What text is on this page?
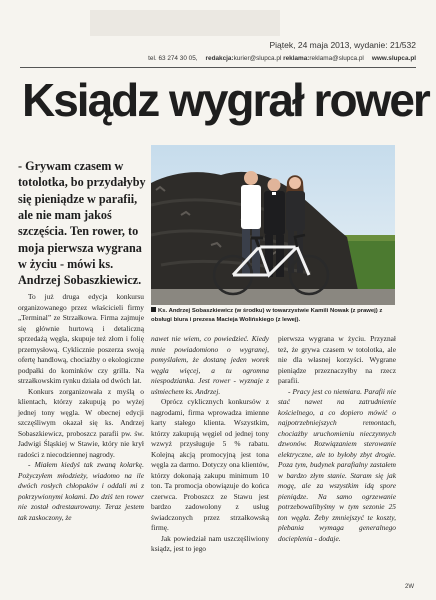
Piątek, 24 maja 2013, wydanie: 21/532
tel. 63 274 30 05, redakcja:kurier@slupca.pl reklama:reklama@slupca.pl www.slupca.pl
Ksiądz wygrał rower
- Grywam czasem w totolotka, bo przydałyby się pieniądze w parafii, ale nie mam jakoś szczęścia. Ten rower, to moja pierwsza wygrana w życiu - mówi ks. Andrzej Sobaszkiewicz.
Ks. Andrzej Sobaszkiewicz (w środku) w towarzystwie Kamili Nowak (z prawej) z obsługi biura i prezesa Macieja Wolińskiego (z lewej).

To już druga edycja konkursu organizowanego przez właścicieli firmy „Terminal” ze Strzałkowa. Firma zajmuje się głównie hurtową i detaliczną sprzedażą węgla, skupuje też złom i folię przemysłową. Cyklicznie poszerza swoją ofertę handlową, chociażby o ekologiczne podpałki do kominków czy grilla. Na strzałkowskim rynku działa od dwóch lat.

Konkurs zorganizowała z myślą o klientach, którzy zakupują po wyżej jednej tony węgla. W obecnej edycji szczęśliwym okazał się ks. Andrzej Sobaszkiewicz, proboszcz parafii pw. św. Jadwigi Śląskiej w Stawie, który nie krył radości z niecodziennej nagrody.

- Miałem kiedyś tak zwaną kolarkę. Pożyczyłem młodzieży, wiadomo na ile dwóch rosłych chłopaków i oddali mi z pokrzywionymi kołami. Do dziś ten rower nie został odrestaurowany. Teraz jestem tak zaskoczony, że

nawet nie wiem, co powiedzieć. Kiedy mnie powiadomiono o wygranej, pomyślałem, że dostanę jeden worek węgla więcej, a tu ogromna niespodzianka. Jest rower - wyznaje z uśmiechem ks. Andrzej.

Oprócz cyklicznych konkursów z nagrodami, firma wprowadza imienne karty stałego klienta. Wszystkim, którzy zakupują węgiel od jednej tony wzwyż przysługuje 5 % rabatu. Kolejną akcją promocyjną jest tona węgla za darmo. Dotyczy ona klientów, którzy dokonają zakupu minimum 10 ton. Ta promocja obowiązuje do końca czerwca. Proboszcz ze Stawu jest bardzo zadowolony z usług świadczonych przez strzałkowską firmę.

Jak powiedział nam uszczęśliwiony ksiądz, jest to jego

pierwsza wygrana w życiu. Przyznał też, że grywa czasem w totolotka, ale nie dla własnej korzyści. Wygrane pieniądze przeznaczyłby na rzecz parafii.

- Pracy jest co niemiara. Parafii nie stać nawet na zatrudnienie kościelnego, a co dopiero mówić o najpotrzebniejszych remontach, chociażby uruchomieniu nieczynnych dzwonów. Rozwiązaniem sterowanie elektryczne, ale to byłoby zbyt drogie. Poza tym, budynek parafialny zastałem w bardzo złym stanie. Staram się jak mogę, ale za wszystkim idą spore pieniądze. Na samo ogrzewanie potrzebowalibyśmy w tym sezonie 25 ton węgla. Żeby zmniejszyć te koszty, plebania wymaga generalnego docieplenia - dodaje.

2W
